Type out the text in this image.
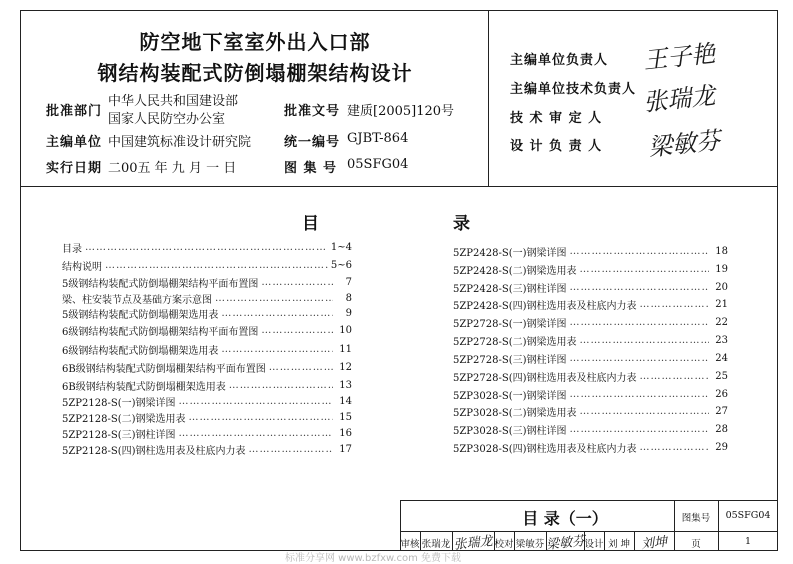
防空地下室室外出入口部
钢结构装配式防倒塌棚架结构设计
批准部门
中华人民共和国建设部
国家人民防空办公室
批准文号 建质[2005]120号
主编单位 中国建筑标准设计研究院	统一编号 GJBT-864
实行日期 二00五 年 九 月 一 日	图 集 号 05SFG04
主编单位负责人 王子艳
主编单位技术负责人 张瑞龙
技 术 审 定 人
设 计 负 责 人 梁敏芬
目	录
目录 …………………………………………………………………………………………………………………………………………………………………………	1~4
结构说明 …………………………………………………………………………………………………………………………………………………………………………	5~6
5级钢结构装配式防倒塌棚架结构平面布置图 …………………………………………………………………………………………………………………………………………………………………………	7
梁、柱安装节点及基础方案示意图 …………………………………………………………………………………………………………………………………………………………………………	8
5级钢结构装配式防倒塌棚架选用表 …………………………………………………………………………………………………………………………………………………………………………	9
6级钢结构装配式防倒塌棚架结构平面布置图 …………………………………………………………………………………………………………………………………………………………………………	10
6级钢结构装配式防倒塌棚架选用表 …………………………………………………………………………………………………………………………………………………………………………	11
6B级钢结构装配式防倒塌棚架结构平面布置图 …………………………………………………………………………………………………………………………………………………………………………	12
6B级钢结构装配式防倒塌棚架选用表 …………………………………………………………………………………………………………………………………………………………………………	13
5ZP2128-S(一)钢梁详图 …………………………………………………………………………………………………………………………………………………………………………	14
5ZP2128-S(二)钢梁选用表 …………………………………………………………………………………………………………………………………………………………………………	15
5ZP2128-S(三)钢柱详图 …………………………………………………………………………………………………………………………………………………………………………	16
5ZP2128-S(四)钢柱选用表及柱底内力表 …………………………………………………………………………………………………………………………………………………………………………	17
5ZP2428-S(一)钢梁详图 …………………………………………………………………………………………………………………………………………………………………………	18
5ZP2428-S(二)钢梁选用表 …………………………………………………………………………………………………………………………………………………………………………	19
5ZP2428-S(三)钢柱详图 …………………………………………………………………………………………………………………………………………………………………………	20
5ZP2428-S(四)钢柱选用表及柱底内力表 …………………………………………………………………………………………………………………………………………………………………………	21
5ZP2728-S(一)钢梁详图 …………………………………………………………………………………………………………………………………………………………………………	22
5ZP2728-S(二)钢梁选用表 …………………………………………………………………………………………………………………………………………………………………………	23
5ZP2728-S(三)钢柱详图 …………………………………………………………………………………………………………………………………………………………………………	24
5ZP2728-S(四)钢柱选用表及柱底内力表 …………………………………………………………………………………………………………………………………………………………………………	25
5ZP3028-S(一)钢梁详图 …………………………………………………………………………………………………………………………………………………………………………	26
5ZP3028-S(二)钢梁选用表 …………………………………………………………………………………………………………………………………………………………………………	27
5ZP3028-S(三)钢柱详图 …………………………………………………………………………………………………………………………………………………………………………	28
5ZP3028-S(四)钢柱选用表及柱底内力表 …………………………………………………………………………………………………………………………………………………………………………	29
目 录（一）	图集号	05SFG04
审核 张瑞龙 张瑞龙 校对 梁敏芬 梁敏芬
设计 刘 坤 刘坤	页	1
标准分享网 www.bzfxw.com 免费下载
